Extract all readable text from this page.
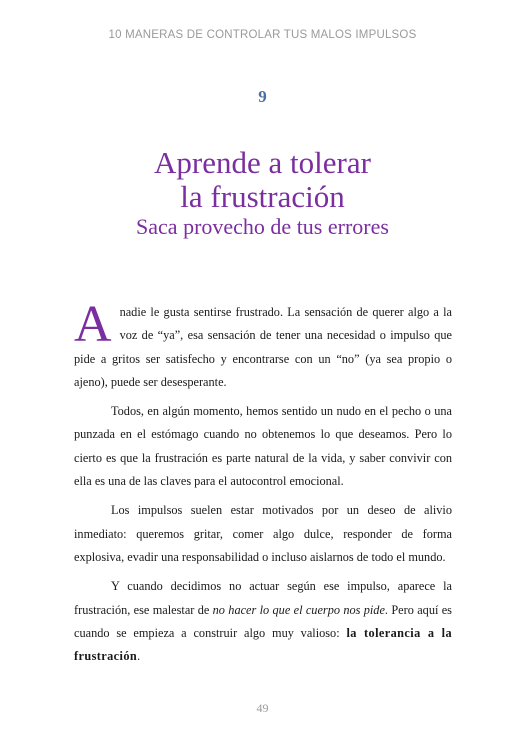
10 MANERAS DE CONTROLAR TUS MALOS IMPULSOS
9
Aprende a tolerar
la frustración
Saca provecho de tus errores

Anadie le gusta sentirse frustrado. La sensación de querer algo a la voz de “ya”, esa sensación de tener una necesidad o impulso que pide a gritos ser satisfecho y encontrarse con un “no” (ya sea propio o ajeno), puede ser desesperante.

Todos, en algún momento, hemos sentido un nudo en el pecho o una punzada en el estómago cuando no obtenemos lo que deseamos. Pero lo cierto es que la frustración es parte natural de la vida, y saber convivir con ella es una de las claves para el autocontrol emocional.

Los impulsos suelen estar motivados por un deseo de alivio inmediato: queremos gritar, comer algo dulce, responder de forma explosiva, evadir una responsabilidad o incluso aislarnos de todo el mundo.

Y cuando decidimos no actuar según ese impulso, aparece la frustración, ese malestar de no hacer lo que el cuerpo nos pide. Pero aquí es cuando se empieza a construir algo muy valioso: la tolerancia a la frustración.

49
